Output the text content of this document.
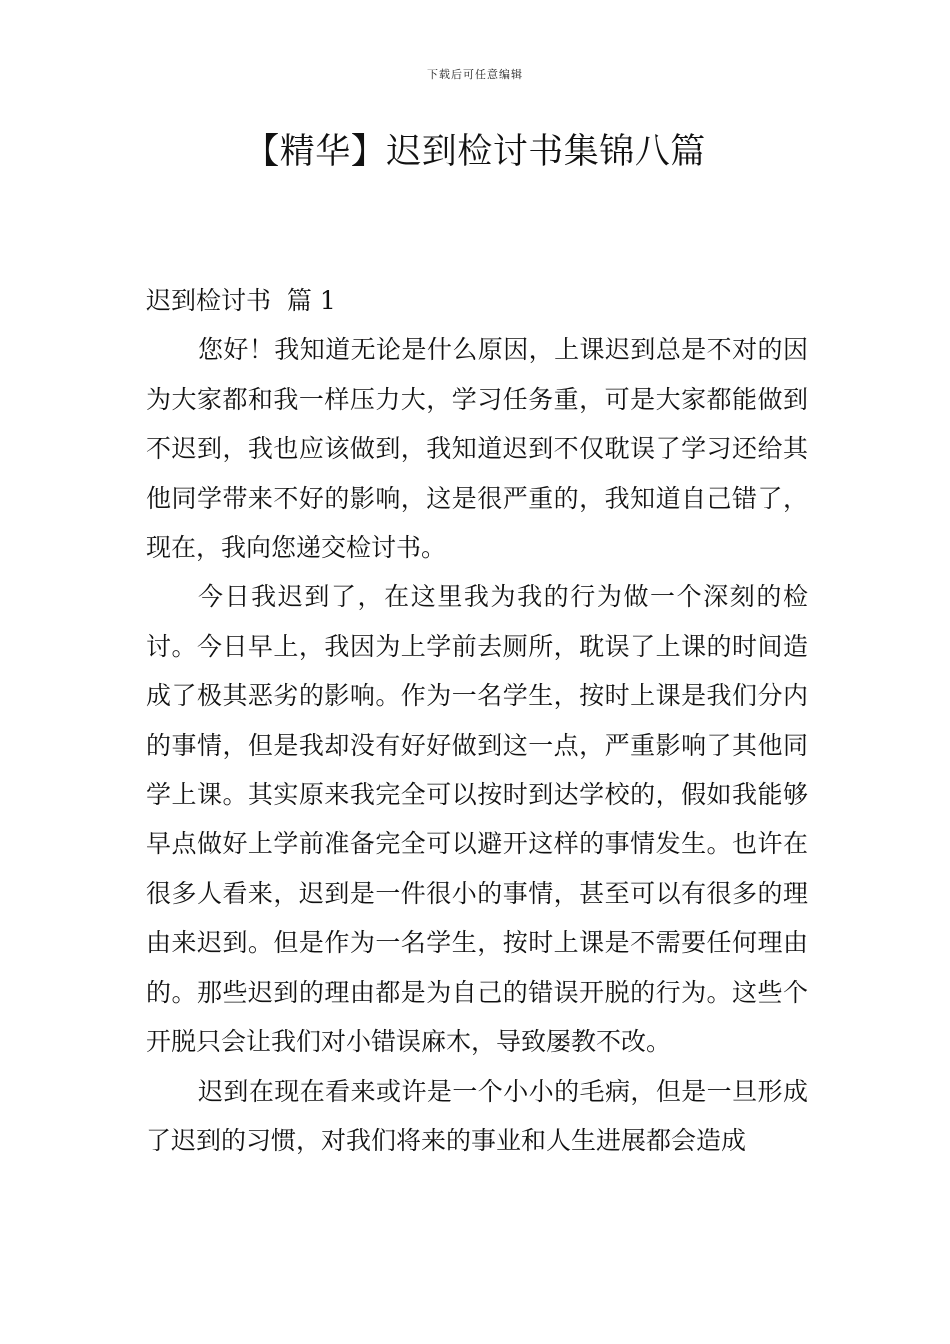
下载后可任意编辑
【精华】迟到检讨书集锦八篇

迟到检讨书  篇 1

您好！我知道无论是什么原因，上课迟到总是不对的因为大家都和我一样压力大，学习任务重，可是大家都能做到不迟到，我也应该做到，我知道迟到不仅耽误了学习还给其他同学带来不好的影响，这是很严重的，我知道自己错了，现在，我向您递交检讨书。

今日我迟到了，在这里我为我的行为做一个深刻的检讨。今日早上，我因为上学前去厕所，耽误了上课的时间造成了极其恶劣的影响。作为一名学生，按时上课是我们分内的事情，但是我却没有好好做到这一点，严重影响了其他同学上课。其实原来我完全可以按时到达学校的，假如我能够早点做好上学前准备完全可以避开这样的事情发生。也许在很多人看来，迟到是一件很小的事情，甚至可以有很多的理由来迟到。但是作为一名学生，按时上课是不需要任何理由的。那些迟到的理由都是为自己的错误开脱的行为。这些个开脱只会让我们对小错误麻木，导致屡教不改。

迟到在现在看来或许是一个小小的毛病，但是一旦形成了迟到的习惯，对我们将来的事业和人生进展都会造成
